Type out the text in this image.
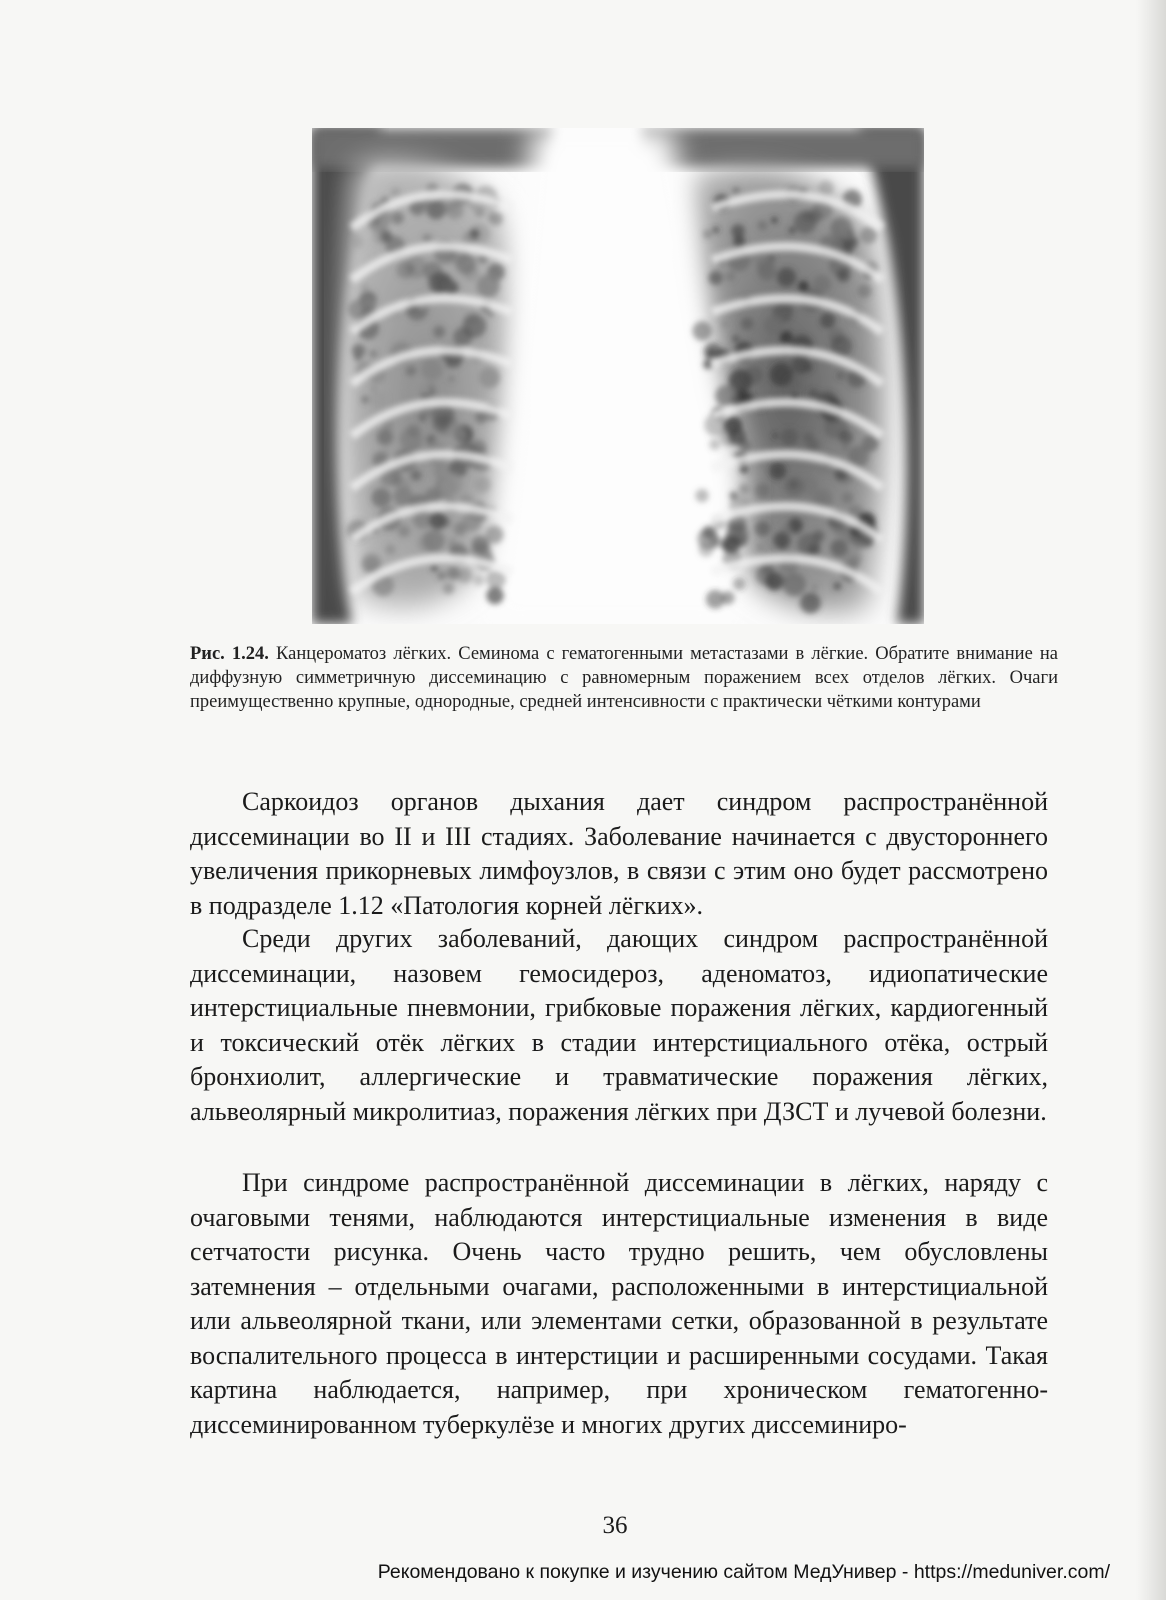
Рис. 1.24. Канцероматоз лёгких. Семинома с гематогенными метастазами в лёгкие. Обратите внимание на диффузную симметричную диссеминацию с равномерным поражением всех отделов лёгких. Очаги преимущественно крупные, однородные, средней интенсивности с практически чёткими контурами

Саркоидоз органов дыхания дает синдром распространённой диссеминации во II и III стадиях. Заболевание начинается с двустороннего увеличения прикорневых лимфоузлов, в связи с этим оно будет рассмотрено в подразделе 1.12 «Патология корней лёгких».

Среди других заболеваний, дающих синдром распространённой диссеминации, назовем гемосидероз, аденоматоз, идиопатические интерстициальные пневмонии, грибковые поражения лёгких, кардиогенный и токсический отёк лёгких в стадии интерстициального отёка, острый бронхиолит, аллергические и травматические поражения лёгких, альвеолярный микролитиаз, поражения лёгких при ДЗСТ и лучевой болезни.

При синдроме распространённой диссеминации в лёгких, наряду с очаговыми тенями, наблюдаются интерстициальные изменения в виде сетчатости рисунка. Очень часто трудно решить, чем обусловлены затемнения – отдельными очагами, расположенными в интерстициальной или альвеолярной ткани, или элементами сетки, образованной в результате воспалительного процесса в интерстиции и расширенными сосудами. Такая картина наблюдается, например, при хроническом гематогенно-диссеминированном туберкулёзе и многих других диссеминиро-

36
Рекомендовано к покупке и изучению сайтом МедУнивер - https://meduniver.com/
